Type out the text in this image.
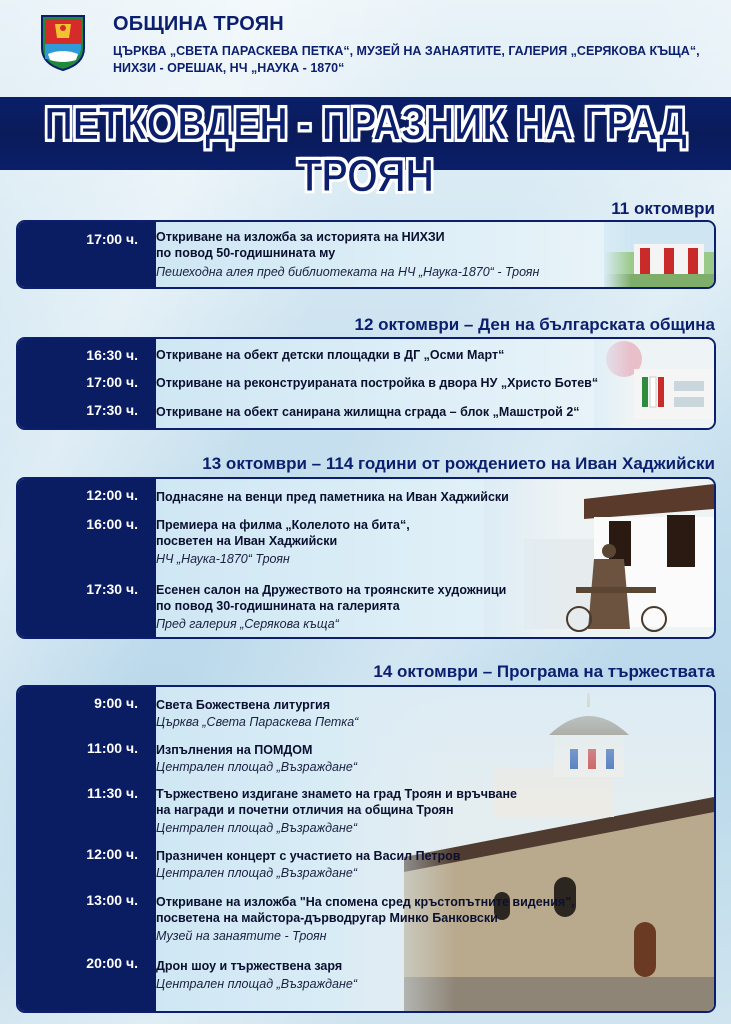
ОБЩИНА ТРОЯН
ЦЪРКВА „СВЕТА ПАРАСКЕВА ПЕТКА“, МУЗЕЙ НА ЗАНАЯТИТЕ, ГАЛЕРИЯ „СЕРЯКОВА КЪЩА“,
НИХЗИ - ОРЕШАК, НЧ „НАУКА - 1870“
ПЕТКОВДЕН - ПРАЗНИК НА ГРАД ТРОЯН
11 октомври
17:00 ч. Откриване на изложба за историята на НИХЗИ
по повод 50-годишнината му
Пешеходна алея пред библиотеката на НЧ „Наука-1870“ - Троян
12 октомври – Ден на българската община
16:30 ч. Откриване на обект детски площадки в ДГ „Осми Март“
17:00 ч. Откриване на реконструираната постройка в двора НУ „Христо Ботев“
17:30 ч. Откриване на обект санирана жилищна сграда – блок „Машстрой 2“
13 октомври – 114 години от рождението на Иван Хаджийски
12:00 ч. Поднасяне на венци пред паметника на Иван Хаджийски
16:00 ч. Премиера на филма „Колелото на бита“,
посветен на Иван Хаджийски
НЧ „Наука-1870“ Троян
17:30 ч. Есенен салон на Дружеството на троянските художници
по повод 30-годишнината на галерията
Пред галерия „Серякова къща“
14 октомври – Програма на тържествата
9:00 ч. Света Божествена литургия
Църква „Света Параскева Петка“
11:00 ч. Изпълнения на ПОМДОМ
Централен площад „Възраждане“
11:30 ч. Тържествено издигане знамето на град Троян и връчване
на награди и почетни отличия на община Троян
Централен площад „Възраждане“
12:00 ч. Празничен концерт с участието на Васил Петров
Централен площад „Възраждане“
13:00 ч. Откриване на изложба "На спомена сред кръстопътните видения",
посветена на майстора-дърводругар Минко Банковски
Музей на занаятите - Троян
20:00 ч. Дрон шоу и тържествена заря
Централен площад „Възраждане“
